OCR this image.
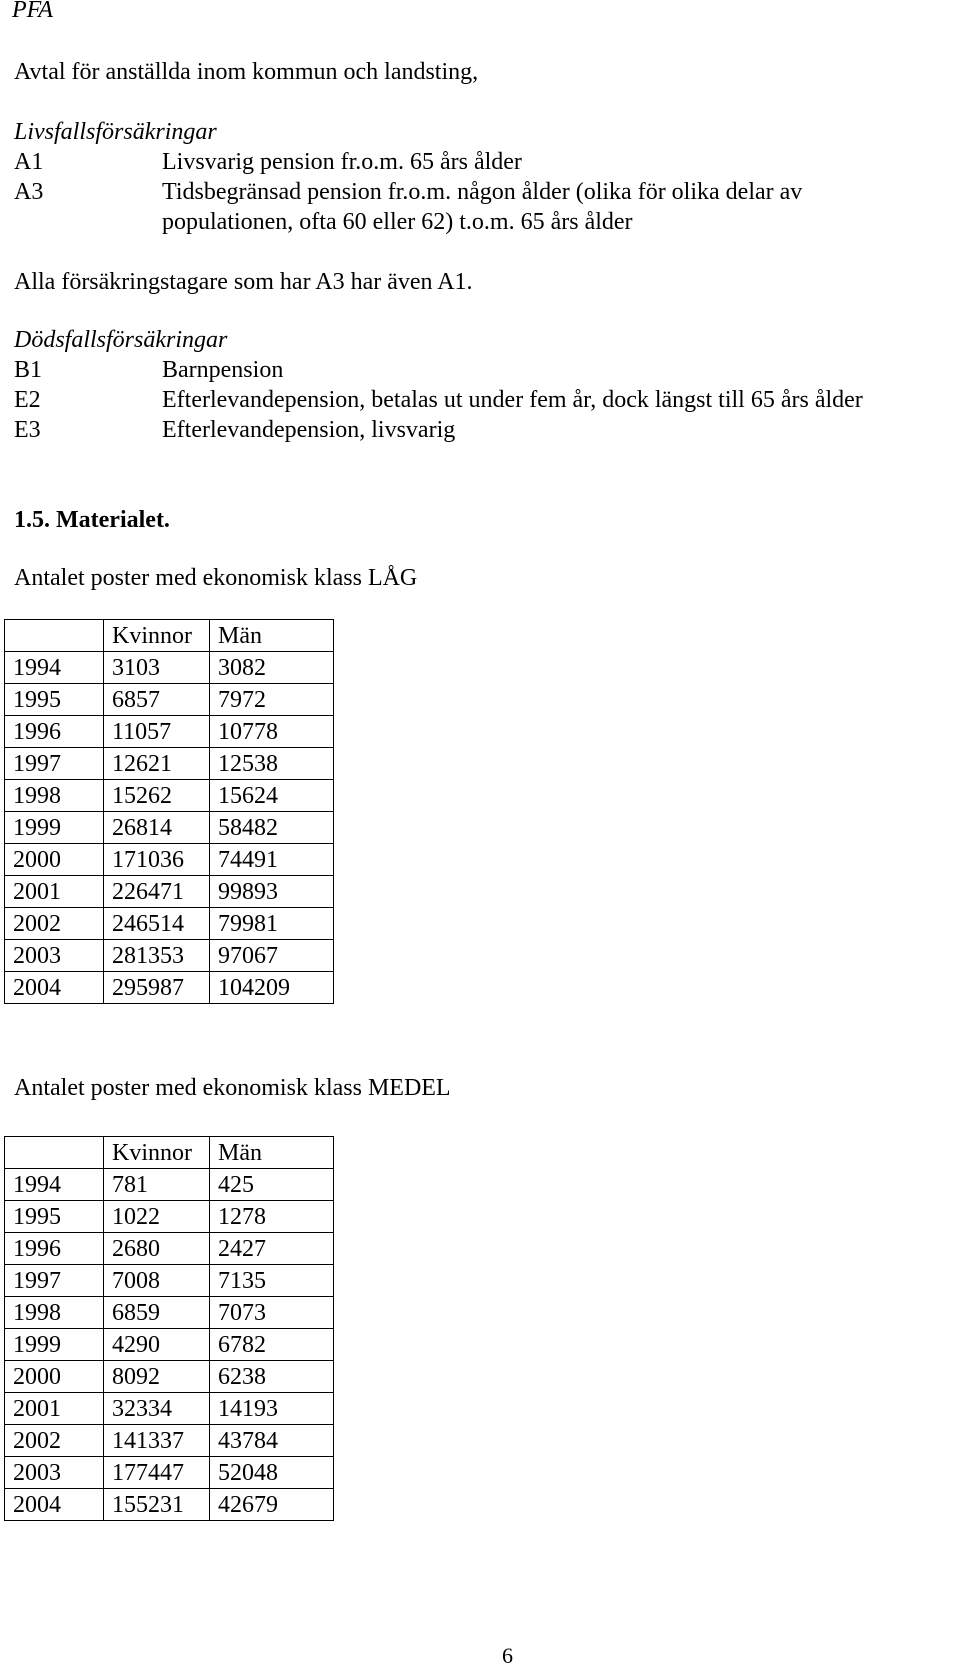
PFA
Avtal för anställda inom kommun och landsting,
Livsfallsförsäkringar
A1	Livsvarig pension fr.o.m. 65 års ålder
A3	Tidsbegränsad pension fr.o.m. någon ålder (olika för olika delar av
populationen, ofta 60 eller 62) t.o.m. 65 års ålder
Alla försäkringstagare som har A3 har även A1.
Dödsfallsförsäkringar
B1	Barnpension
E2	Efterlevandepension, betalas ut under fem år, dock längst till 65 års ålder
E3	Efterlevandepension, livsvarig
1.5. Materialet.
Antalet poster med ekonomisk klass LÅG
	Kvinnor	Män
1994	3103	3082
1995	6857	7972
1996	11057	10778
1997	12621	12538
1998	15262	15624
1999	26814	58482
2000	171036	74491
2001	226471	99893
2002	246514	79981
2003	281353	97067
2004	295987	104209
Antalet poster med ekonomisk klass MEDEL
	Kvinnor	Män
1994	781	425
1995	1022	1278
1996	2680	2427
1997	7008	7135
1998	6859	7073
1999	4290	6782
2000	8092	6238
2001	32334	14193
2002	141337	43784
2003	177447	52048
2004	155231	42679
6
